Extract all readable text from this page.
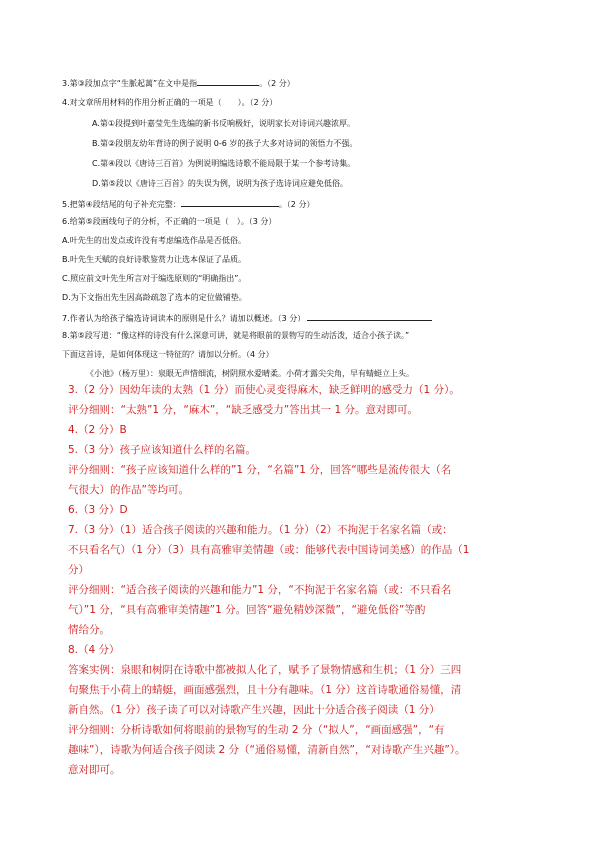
3.第③段加点字“生脈起萬”在文中是指	。（2 分）
4.对文章所用材料的作用分析正确的一项是（　　）。（2 分）
A.第①段提到叶嘉莹先生选编的新书反响极好，说明家长对诗词兴趣浓厚。
B.第②段朋友幼年背诗的例子说明 0-6 岁的孩子大多对诗词的领悟力不强。
C.第④段以《唐诗三百首》为例说明编选诗歌不能局限于某一个参考诗集。
D.第⑤段以《唐诗三百首》的失误为例，说明为孩子选诗词应避免低俗。
5.把第④段结尾的句子补充完整：	。（2 分）
6.给第⑤段画线句子的分析，不正确的一项是（　）。（3 分）
A.叶先生的出发点或许没有考虑编选作品是否低俗。
B.叶先生天赋的良好诗歌鉴赏力让选本保证了品质。
C.照应前文叶先生所言对于编选原则的“明确指出”。
D.为下文指出先生因高龄疏忽了选本的定位做铺垫。
7.作者认为给孩子编选诗词读本的原则是什么？请加以概述。（3 分）
8.第⑤段写道：“像这样的诗没有什么深意可讲，就是将眼前的景物写的生动活泼，适合小孩子读。”
下面这首诗，是如何体现这一特征的？请加以分析。（4 分）
《小池》（杨万里）：泉眼无声惜细流，树阴照水爱晴柔。小荷才露尖尖角，早有蜻蜓立上头。
3.（2 分）因幼年读的太熟（1 分）而使心灵变得麻木，缺乏鲜明的感受力（1 分）。
评分细则：“太熟”1 分，“麻木”，“缺乏感受力”答出其一 1 分。意对即可。
4.（2 分）B
5.（3 分）孩子应该知道什么样的名篇。
评分细则：“孩子应该知道什么样的”1 分，“名篇”1 分，回答“哪些是流传很大（名
气很大）的作品”等均可。
6.（3 分）D
7.（3 分）（1）适合孩子阅读的兴趣和能力。（1 分）（2）不拘泥于名家名篇（或：
不只看名气）（1 分）（3）具有高雅审美情趣（或：能够代表中国诗词美感）的作品（1
分）
评分细则：“适合孩子阅读的兴趣和能力”1 分，“不拘泥于名家名篇（或：不只看名
气）”1 分，“具有高雅审美情趣”1 分。回答“避免精妙深微”，“避免低俗”等酌
情给分。
8.（4 分）
答案实例：泉眼和树阴在诗歌中都被拟人化了，赋予了景物情感和生机；（1 分）三四
句聚焦于小荷上的蜻蜓，画面感强烈，且十分有趣味。（1 分）这首诗歌通俗易懂，清
新自然。（1 分）孩子读了可以对诗歌产生兴趣，因此十分适合孩子阅读（1 分）
评分细则：分析诗歌如何将眼前的景物写的生动 2 分（“拟人”，“画面感强”，“有
趣味”），诗歌为何适合孩子阅读 2 分（“通俗易懂，清新自然”，“对诗歌产生兴趣”）。
意对即可。
